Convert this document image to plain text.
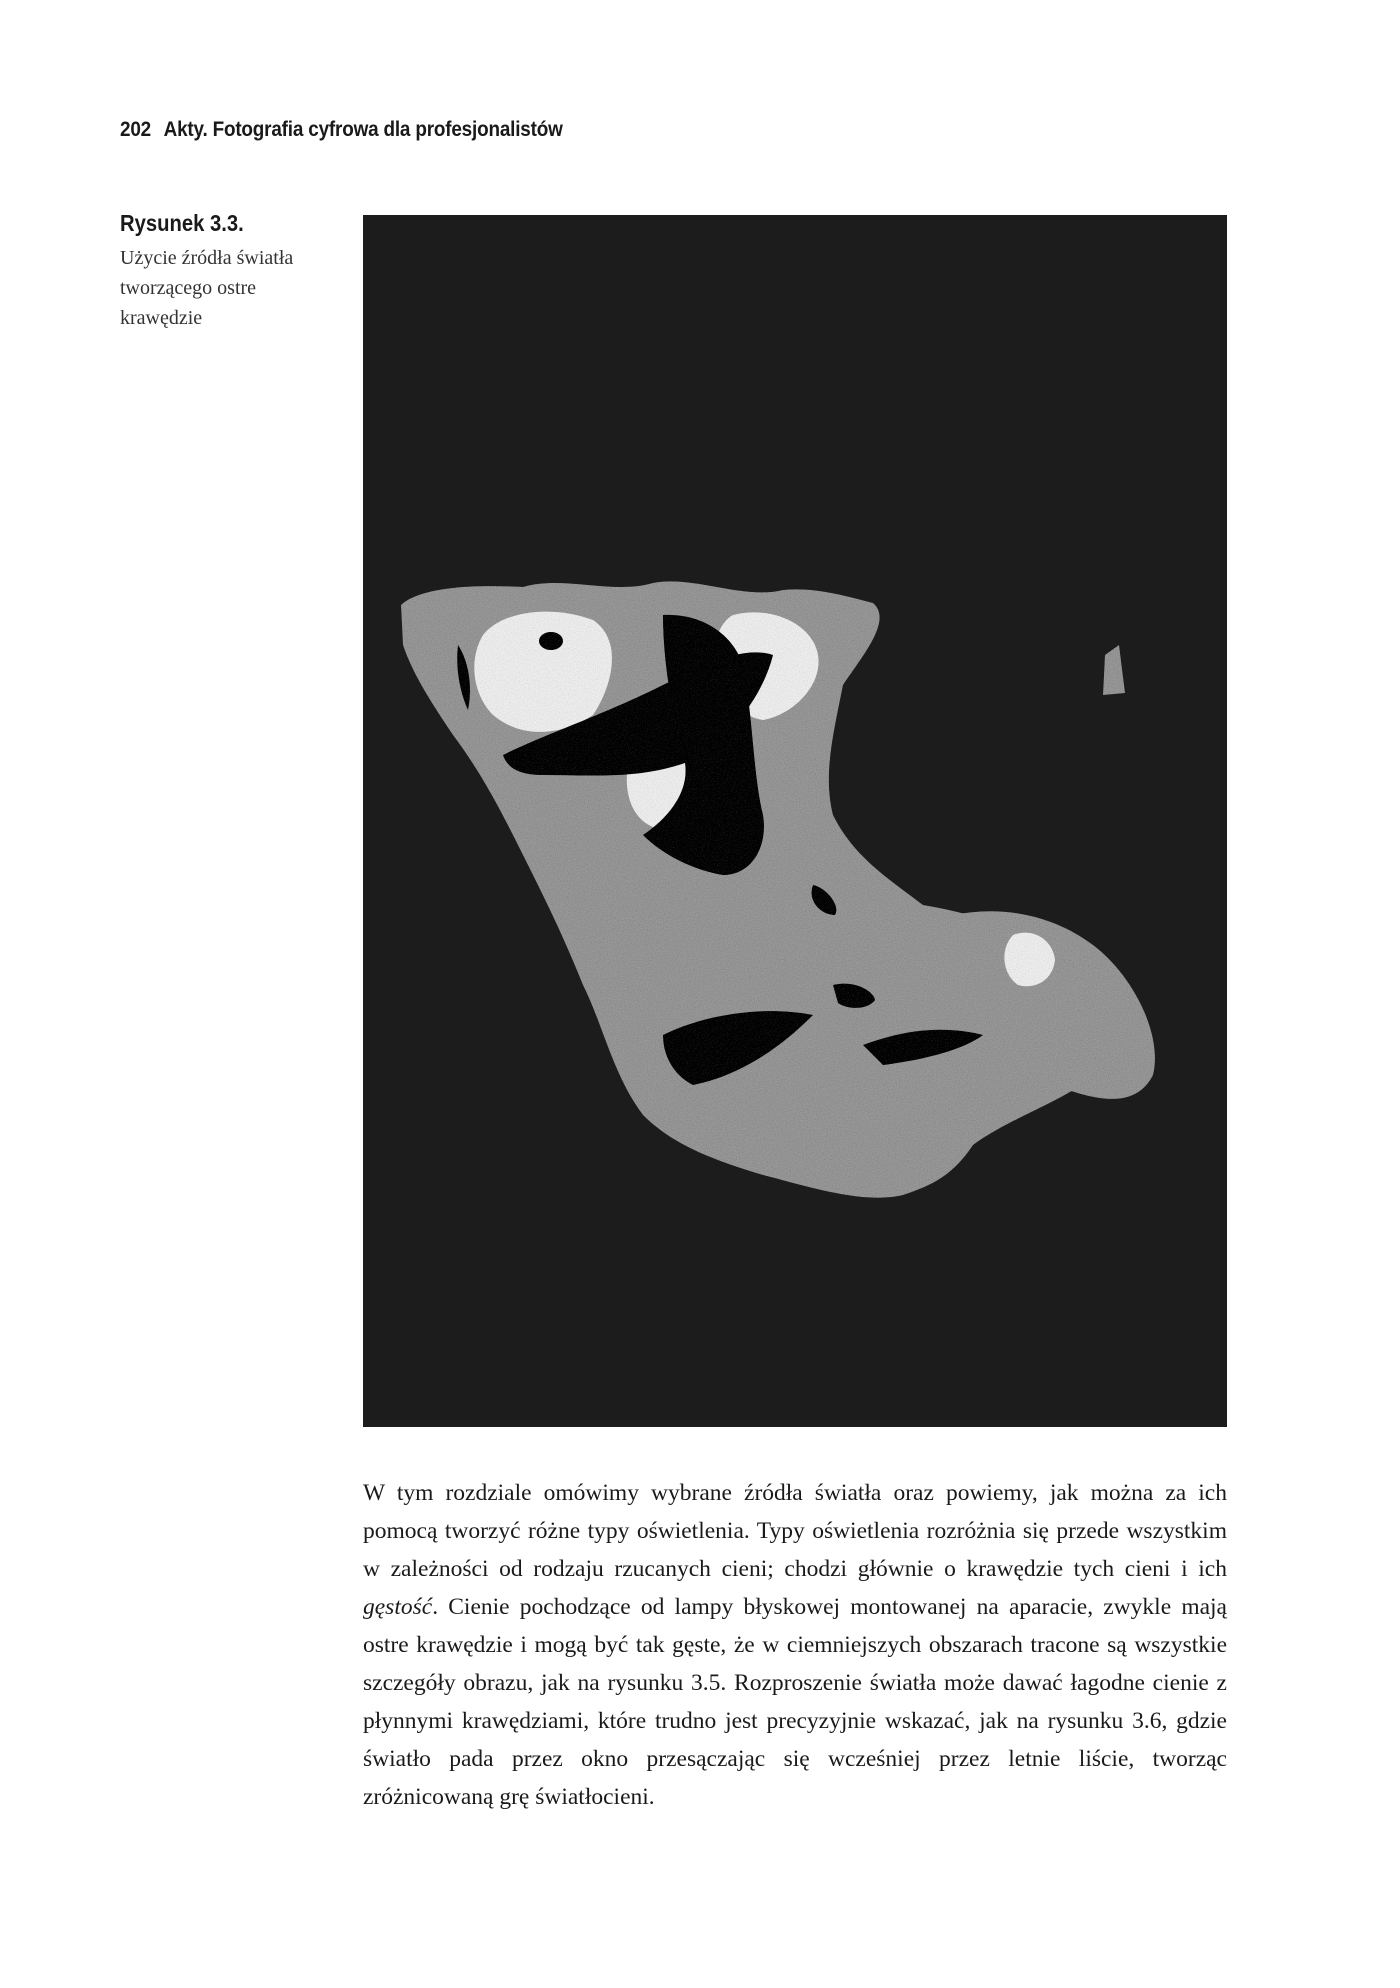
202 Akty. Fotografia cyfrowa dla profesjonalistów
Rysunek 3.3.
Użycie źródła światła tworzącego ostre krawędzie

W tym rozdziale omówimy wybrane źródła światła oraz powiemy, jak można za ich pomocą tworzyć różne typy oświetlenia. Typy oświetlenia rozróżnia się przede wszystkim w zależności od rodzaju rzucanych cieni; chodzi głównie o krawędzie tych cieni i ich gęstość. Cienie pochodzące od lampy błyskowej montowanej na aparacie, zwykle mają ostre krawędzie i mogą być tak gęste, że w ciemniejszych obszarach tracone są wszystkie szczegóły obrazu, jak na rysunku 3.5. Rozproszenie światła może dawać łagodne cienie z płynnymi krawędziami, które trudno jest precyzyjnie wskazać, jak na rysunku 3.6, gdzie światło pada przez okno przesączając się wcześniej przez letnie liście, tworząc zróżnicowaną grę światłocieni.
